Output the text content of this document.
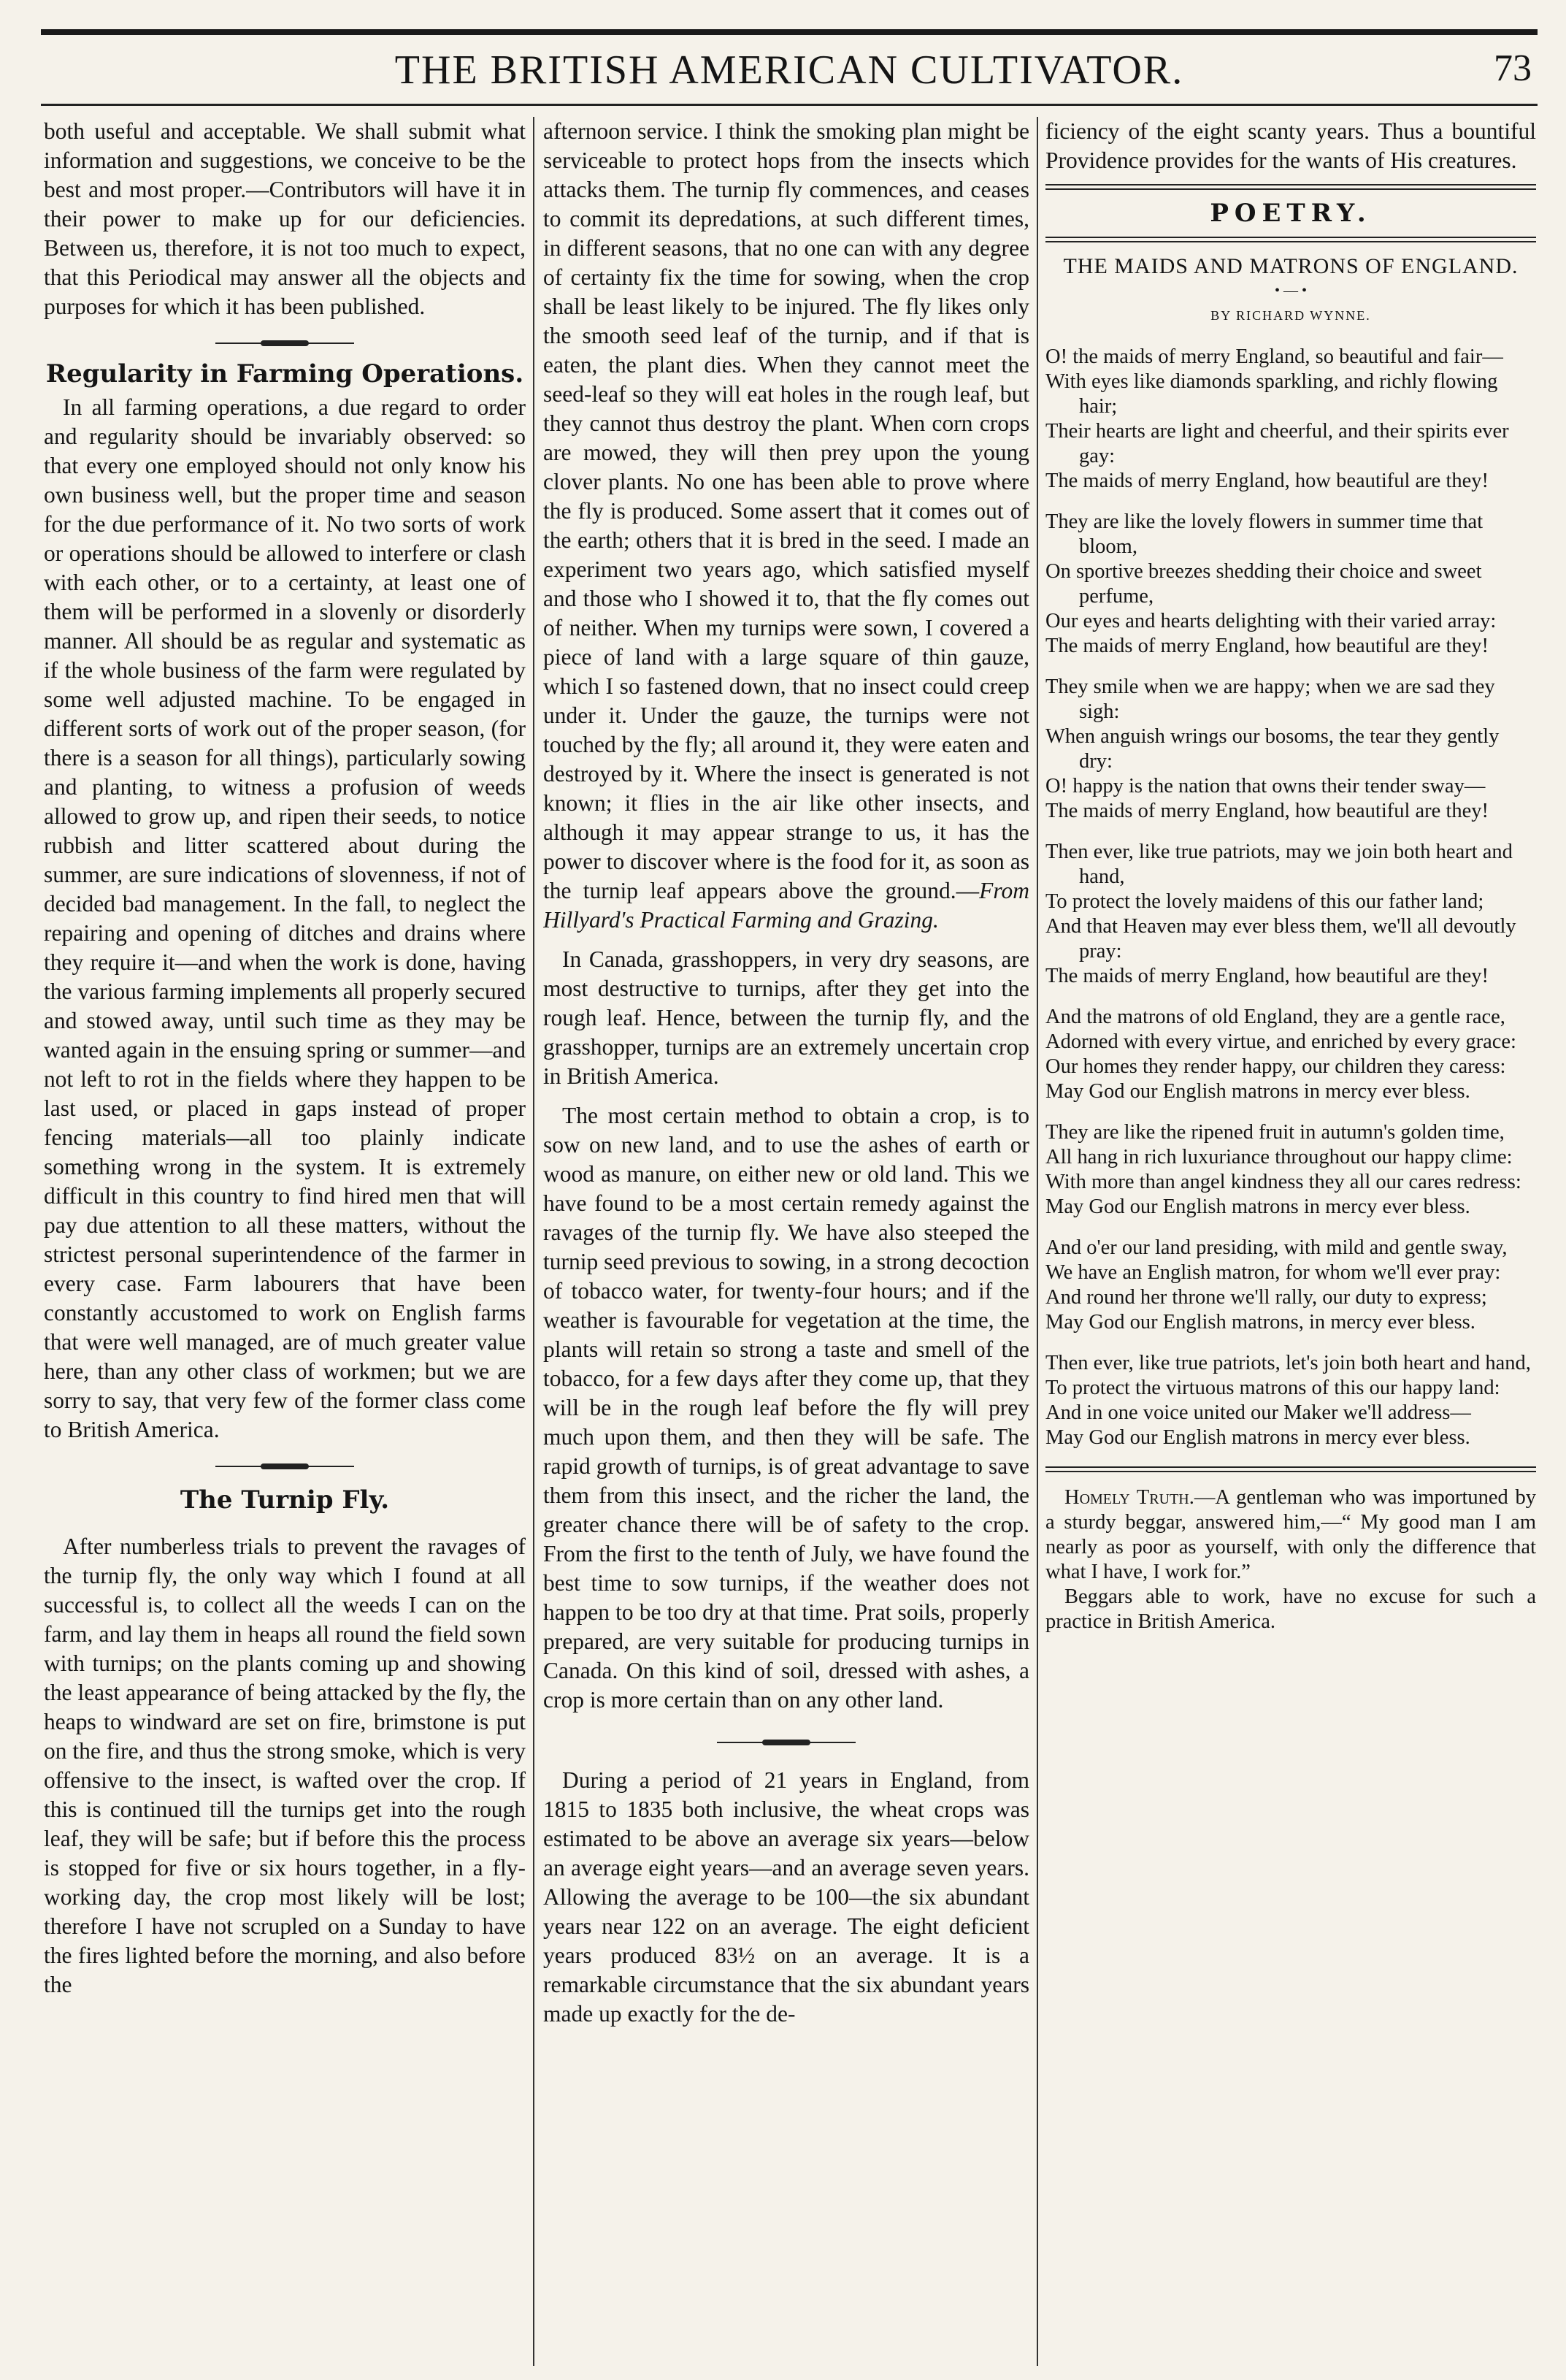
THE BRITISH AMERICAN CULTIVATOR.	73

both useful and acceptable. We shall submit what information and suggestions, we conceive to be the best and most proper.—Contributors will have it in their power to make up for our deficiencies. Between us, therefore, it is not too much to expect, that this Periodical may answer all the objects and purposes for which it has been published.

Regularity in Farming Operations.

In all farming operations, a due regard to order and regularity should be invariably observed: so that every one employed should not only know his own business well, but the proper time and season for the due performance of it. No two sorts of work or operations should be allowed to interfere or clash with each other, or to a certainty, at least one of them will be performed in a slovenly or disorderly manner. All should be as regular and systematic as if the whole business of the farm were regulated by some well adjusted machine. To be engaged in different sorts of work out of the proper season, (for there is a season for all things), particularly sowing and planting, to witness a profusion of weeds allowed to grow up, and ripen their seeds, to notice rubbish and litter scattered about during the summer, are sure indications of slovenness, if not of decided bad management. In the fall, to neglect the repairing and opening of ditches and drains where they require it—and when the work is done, having the various farming implements all properly secured and stowed away, until such time as they may be wanted again in the ensuing spring or summer—and not left to rot in the fields where they happen to be last used, or placed in gaps instead of proper fencing materials—all too plainly indicate something wrong in the system. It is extremely difficult in this country to find hired men that will pay due attention to all these matters, without the strictest personal superintendence of the farmer in every case. Farm labourers that have been constantly accustomed to work on English farms that were well managed, are of much greater value here, than any other class of workmen; but we are sorry to say, that very few of the former class come to British America.

The Turnip Fly.

After numberless trials to prevent the ravages of the turnip fly, the only way which I found at all successful is, to collect all the weeds I can on the farm, and lay them in heaps all round the field sown with turnips; on the plants coming up and showing the least appearance of being attacked by the fly, the heaps to windward are set on fire, brimstone is put on the fire, and thus the strong smoke, which is very offensive to the insect, is wafted over the crop. If this is continued till the turnips get into the rough leaf, they will be safe; but if before this the process is stopped for five or six hours together, in a fly-working day, the crop most likely will be lost; therefore I have not scrupled on a Sunday to have the fires lighted before the morning, and also before the

afternoon service. I think the smoking plan might be serviceable to protect hops from the insects which attacks them. The turnip fly commences, and ceases to commit its depredations, at such different times, in different seasons, that no one can with any degree of certainty fix the time for sowing, when the crop shall be least likely to be injured. The fly likes only the smooth seed leaf of the turnip, and if that is eaten, the plant dies. When they cannot meet the seed-leaf so they will eat holes in the rough leaf, but they cannot thus destroy the plant. When corn crops are mowed, they will then prey upon the young clover plants. No one has been able to prove where the fly is produced. Some assert that it comes out of the earth; others that it is bred in the seed. I made an experiment two years ago, which satisfied myself and those who I showed it to, that the fly comes out of neither. When my turnips were sown, I covered a piece of land with a large square of thin gauze, which I so fastened down, that no insect could creep under it. Under the gauze, the turnips were not touched by the fly; all around it, they were eaten and destroyed by it. Where the insect is generated is not known; it flies in the air like other insects, and although it may appear strange to us, it has the power to discover where is the food for it, as soon as the turnip leaf appears above the ground.—From Hillyard's Practical Farming and Grazing.

In Canada, grasshoppers, in very dry seasons, are most destructive to turnips, after they get into the rough leaf. Hence, between the turnip fly, and the grasshopper, turnips are an extremely uncertain crop in British America.

The most certain method to obtain a crop, is to sow on new land, and to use the ashes of earth or wood as manure, on either new or old land. This we have found to be a most certain remedy against the ravages of the turnip fly. We have also steeped the turnip seed previous to sowing, in a strong decoction of tobacco water, for twenty-four hours; and if the weather is favourable for vegetation at the time, the plants will retain so strong a taste and smell of the tobacco, for a few days after they come up, that they will be in the rough leaf before the fly will prey much upon them, and then they will be safe. The rapid growth of turnips, is of great advantage to save them from this insect, and the richer the land, the greater chance there will be of safety to the crop. From the first to the tenth of July, we have found the best time to sow turnips, if the weather does not happen to be too dry at that time. Prat soils, properly prepared, are very suitable for producing turnips in Canada. On this kind of soil, dressed with ashes, a crop is more certain than on any other land.

During a period of 21 years in England, from 1815 to 1835 both inclusive, the wheat crops was estimated to be above an average six years—below an average eight years—and an average seven years. Allowing the average to be 100—the six abundant years near 122 on an average. The eight deficient years produced 83½ on an average. It is a remarkable circumstance that the six abundant years made up exactly for the de-

ficiency of the eight scanty years. Thus a bountiful Providence provides for the wants of His creatures.

POETRY.
THE MAIDS AND MATRONS OF ENGLAND.
• — •
BY RICHARD WYNNE.
O! the maids of merry England, so beautiful and fair—
With eyes like diamonds sparkling, and richly flowing hair;
Their hearts are light and cheerful, and their spirits ever gay:
The maids of merry England, how beautiful are they!
They are like the lovely flowers in summer time that bloom,
On sportive breezes shedding their choice and sweet perfume,
Our eyes and hearts delighting with their varied array:
The maids of merry England, how beautiful are they!
They smile when we are happy; when we are sad they sigh:
When anguish wrings our bosoms, the tear they gently dry:
O! happy is the nation that owns their tender sway—
The maids of merry England, how beautiful are they!
Then ever, like true patriots, may we join both heart and hand,
To protect the lovely maidens of this our father land;
And that Heaven may ever bless them, we'll all devoutly pray:
The maids of merry England, how beautiful are they!
And the matrons of old England, they are a gentle race,
Adorned with every virtue, and enriched by every grace:
Our homes they render happy, our children they caress:
May God our English matrons in mercy ever bless.
They are like the ripened fruit in autumn's golden time,
All hang in rich luxuriance throughout our happy clime:
With more than angel kindness they all our cares redress:
May God our English matrons in mercy ever bless.
And o'er our land presiding, with mild and gentle sway,
We have an English matron, for whom we'll ever pray:
And round her throne we'll rally, our duty to express;
May God our English matrons, in mercy ever bless.
Then ever, like true patriots, let's join both heart and hand,
To protect the virtuous matrons of this our happy land:
And in one voice united our Maker we'll address—
May God our English matrons in mercy ever bless.

Homely Truth.—A gentleman who was importuned by a sturdy beggar, answered him,—“ My good man I am nearly as poor as yourself, with only the difference that what I have, I work for.”

Beggars able to work, have no excuse for such a practice in British America.
